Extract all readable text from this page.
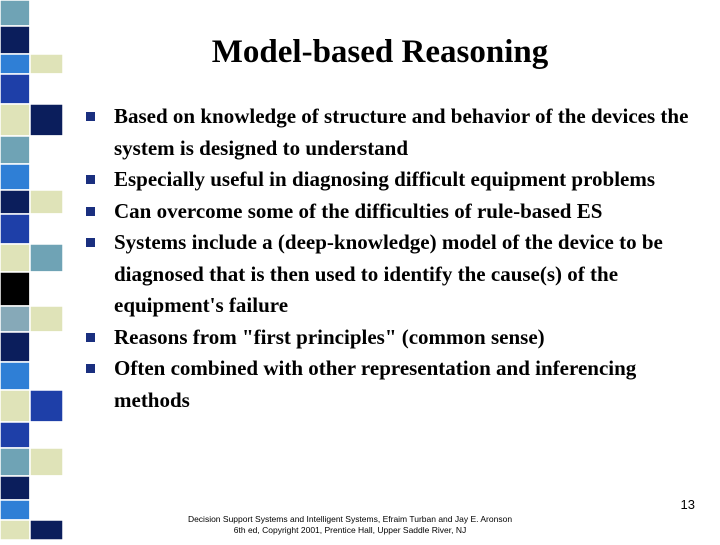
Model-based Reasoning
Based on knowledge of structure and behavior of the devices the system is designed to understand
Especially useful in diagnosing difficult equipment problems
Can overcome some of the difficulties of rule-based ES
Systems include a (deep-knowledge) model of the device to be diagnosed that is then used to identify the cause(s) of the equipment's failure
Reasons from "first principles" (common sense)
Often combined with other representation and inferencing methods
13
Decision Support Systems and Intelligent Systems, Efraim Turban and Jay E. Aronson
6th ed, Copyright 2001, Prentice Hall, Upper Saddle River, NJ
